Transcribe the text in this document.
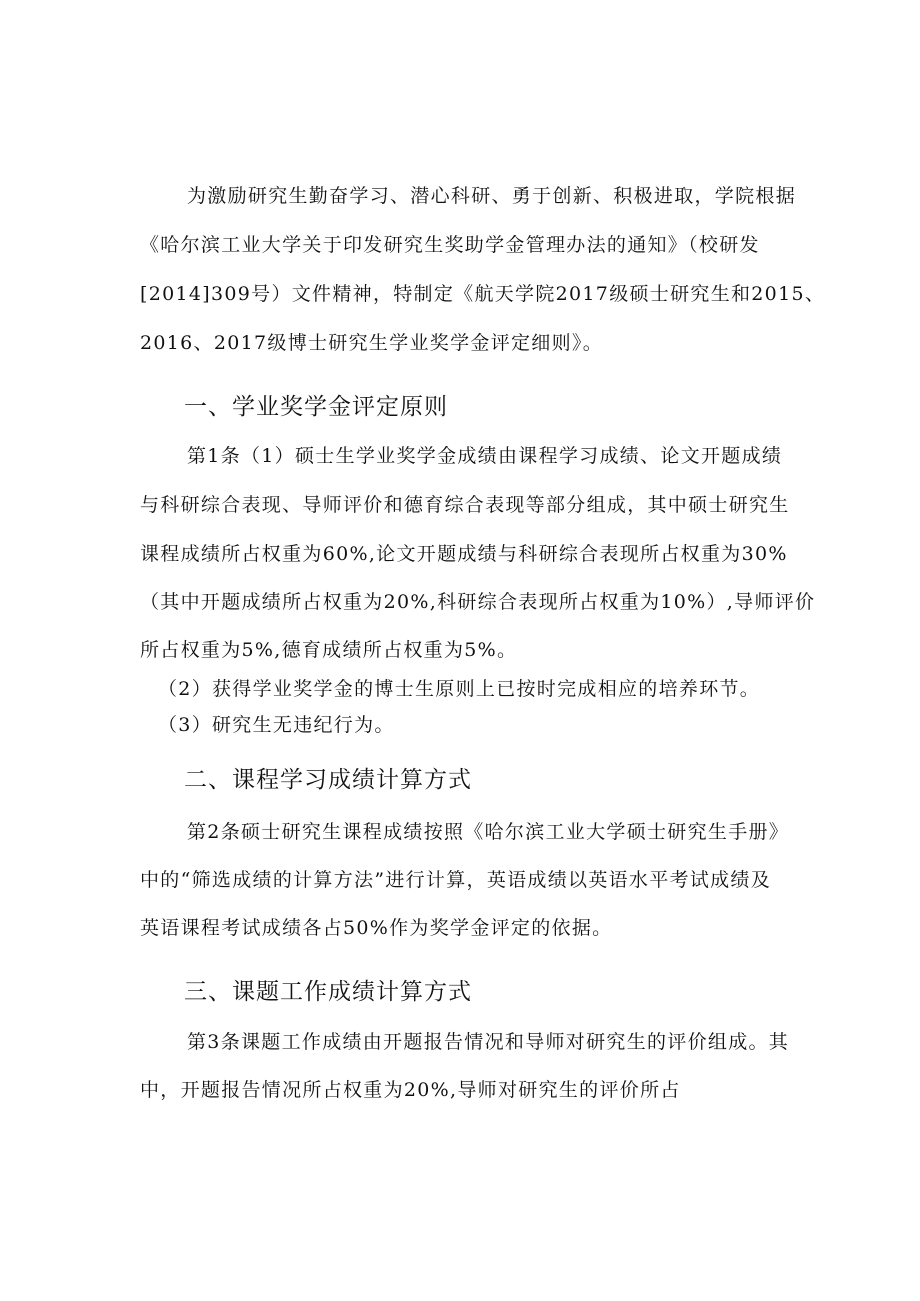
为激励研究生勤奋学习、潜心科研、勇于创新、积极进取，学院根据
《哈尔滨工业大学关于印发研究生奖助学金管理办法的通知》（校研发
[2014]309号）文件精神，特制定《航天学院2017级硕士研究生和2015、
2016、2017级博士研究生学业奖学金评定细则》。
一、学业奖学金评定原则
第1条（1）硕士生学业奖学金成绩由课程学习成绩、论文开题成绩
与科研综合表现、导师评价和德育综合表现等部分组成，其中硕士研究生
课程成绩所占权重为60%,论文开题成绩与科研综合表现所占权重为30%
（其中开题成绩所占权重为20%,科研综合表现所占权重为10%）,导师评价
所占权重为5%,德育成绩所占权重为5%。
（2）获得学业奖学金的博士生原则上已按时完成相应的培养环节。
（3）研究生无违纪行为。
二、课程学习成绩计算方式
第2条硕士研究生课程成绩按照《哈尔滨工业大学硕士研究生手册》
中的“筛选成绩的计算方法”进行计算，英语成绩以英语水平考试成绩及
英语课程考试成绩各占50%作为奖学金评定的依据。
三、课题工作成绩计算方式
第3条课题工作成绩由开题报告情况和导师对研究生的评价组成。其
中，开题报告情况所占权重为20%,导师对研究生的评价所占
